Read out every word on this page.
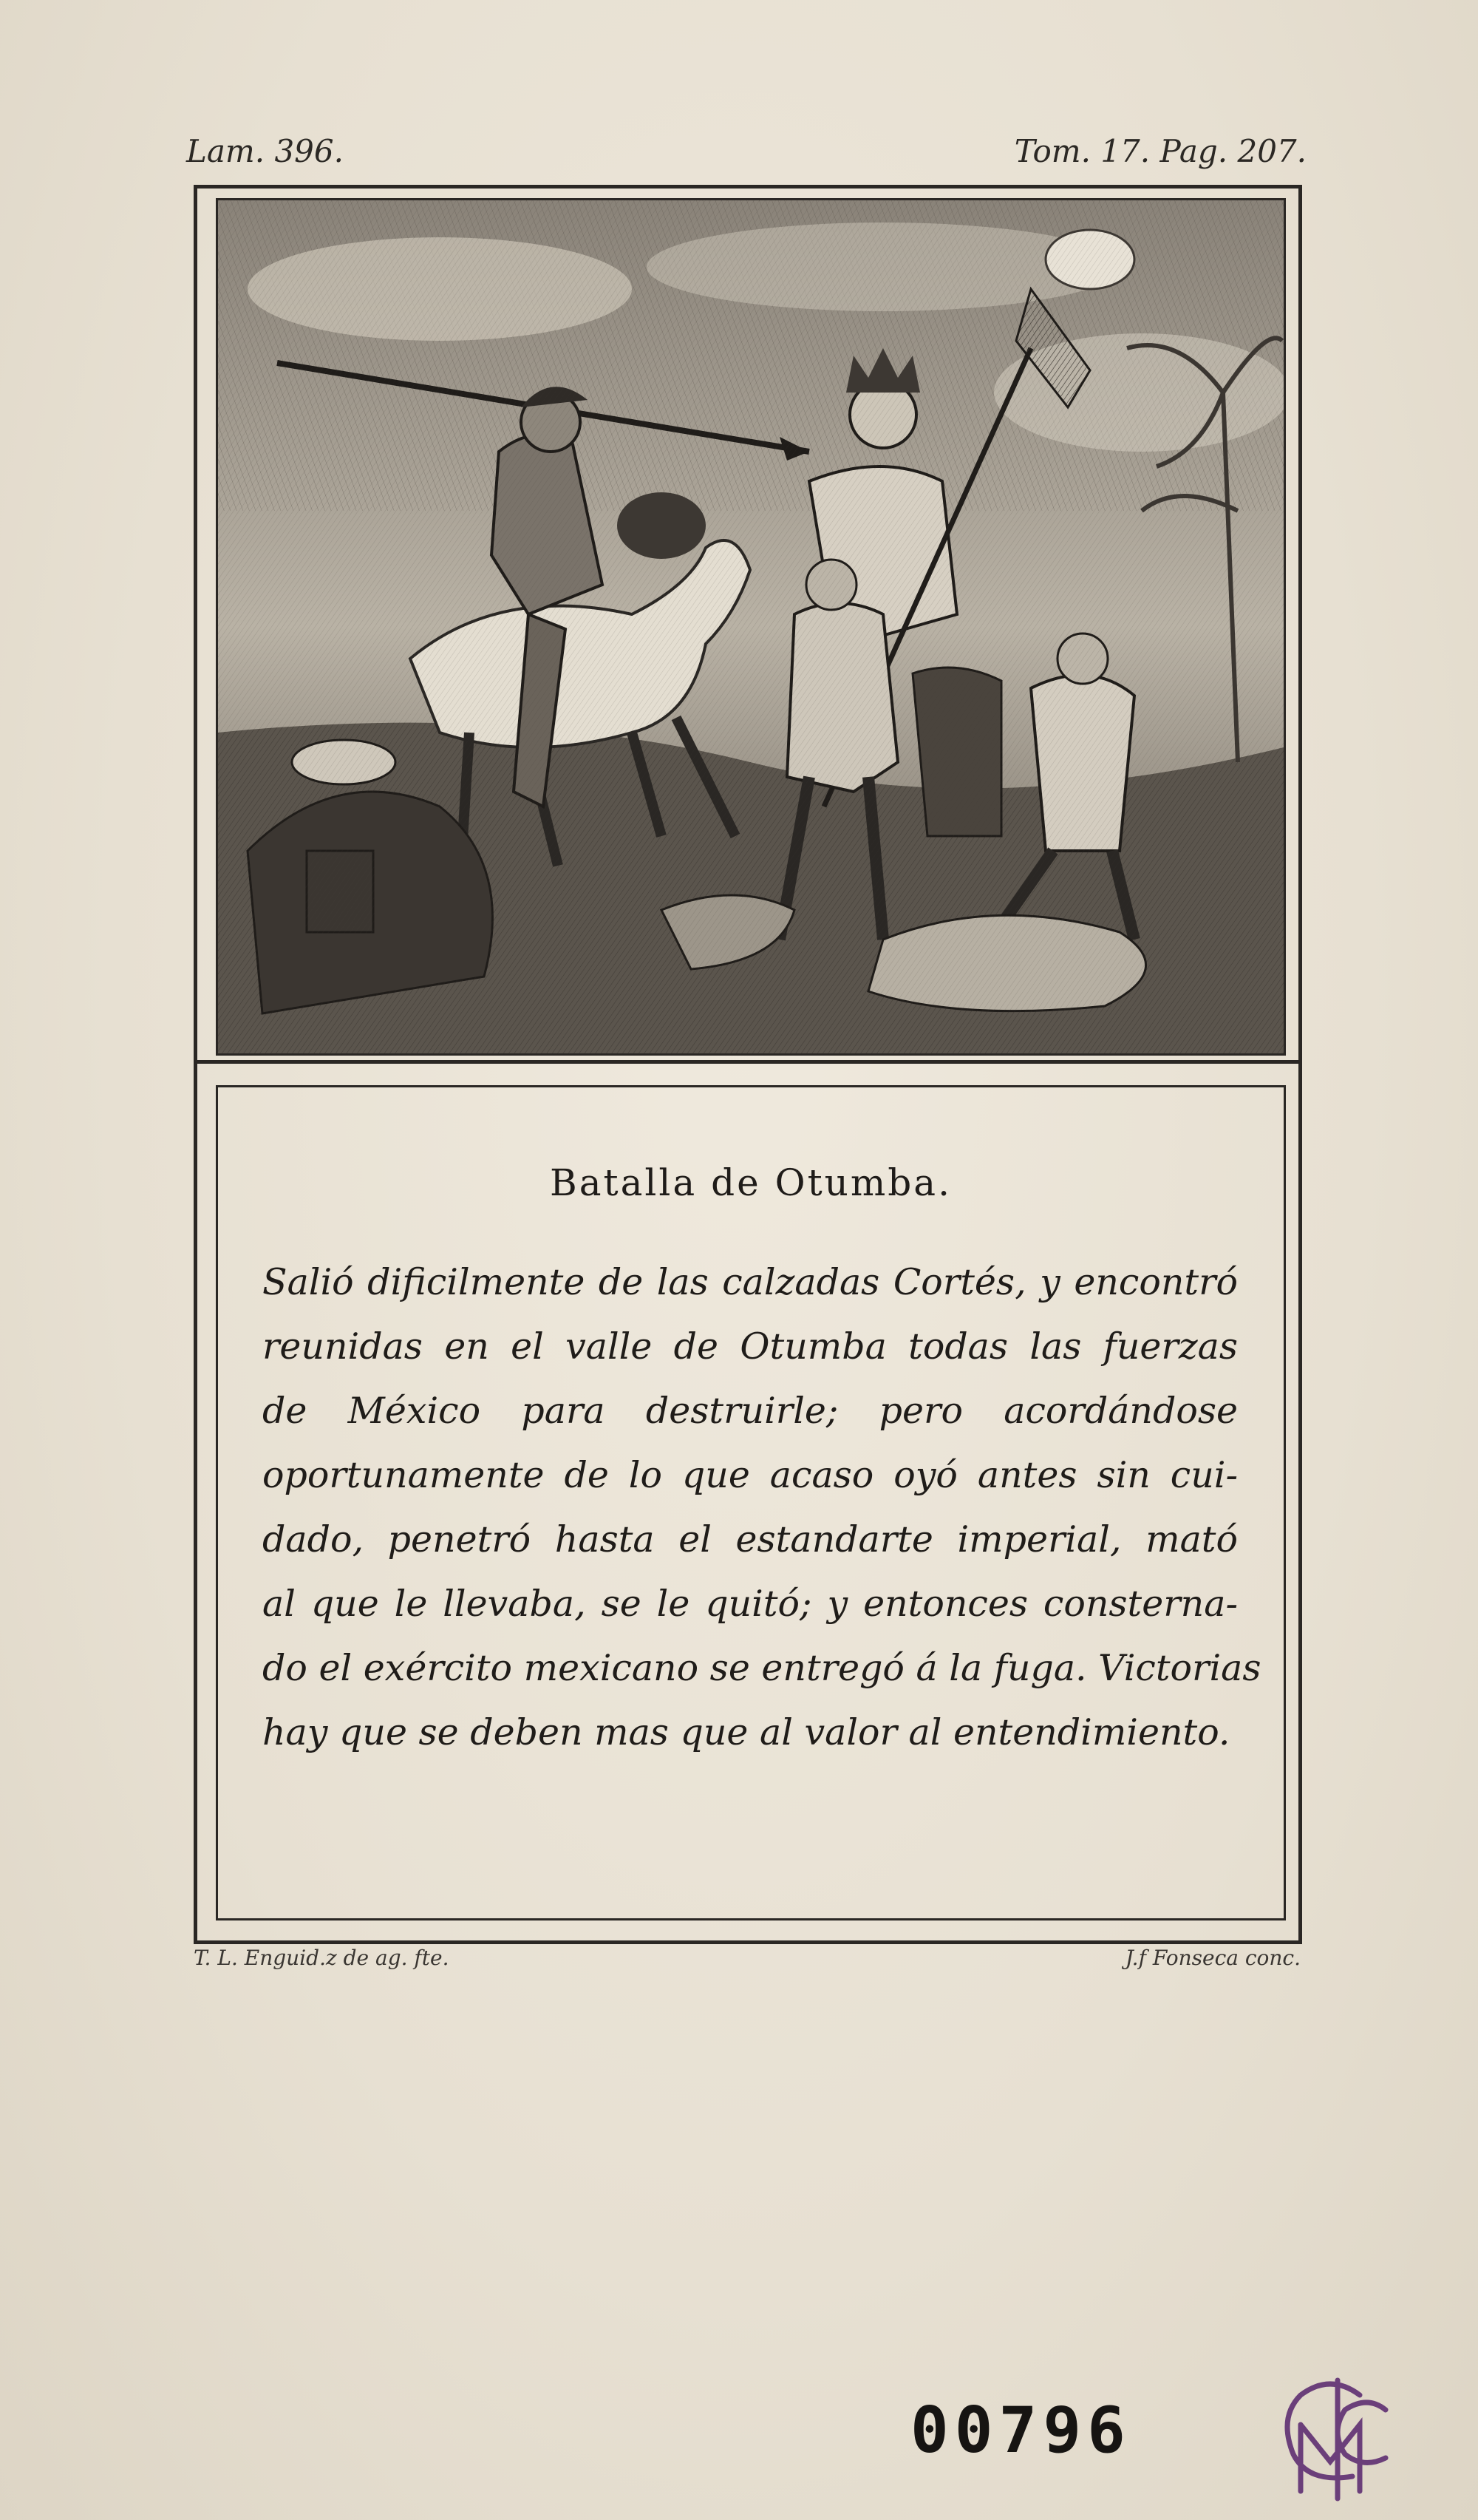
Lam. 396.	Tom. 17. Pag. 207.
Batalla de Otumba.
Salió dificilmente de las calzadas Cortés, y encontró
reunidas en el valle de Otumba todas las fuerzas
de México para destruirle; pero acordándose
oportunamente de lo que acaso oyó antes sin cui-
dado, penetró hasta el estandarte imperial, mató
al que le llevaba, se le quitó; y entonces consterna-
do el exército mexicano se entregó á la fuga. Victorias
hay que se deben mas que al valor al entendimiento.
T. L. Enguid.z de ag. fte.	J.f Fonseca conc.
00796
